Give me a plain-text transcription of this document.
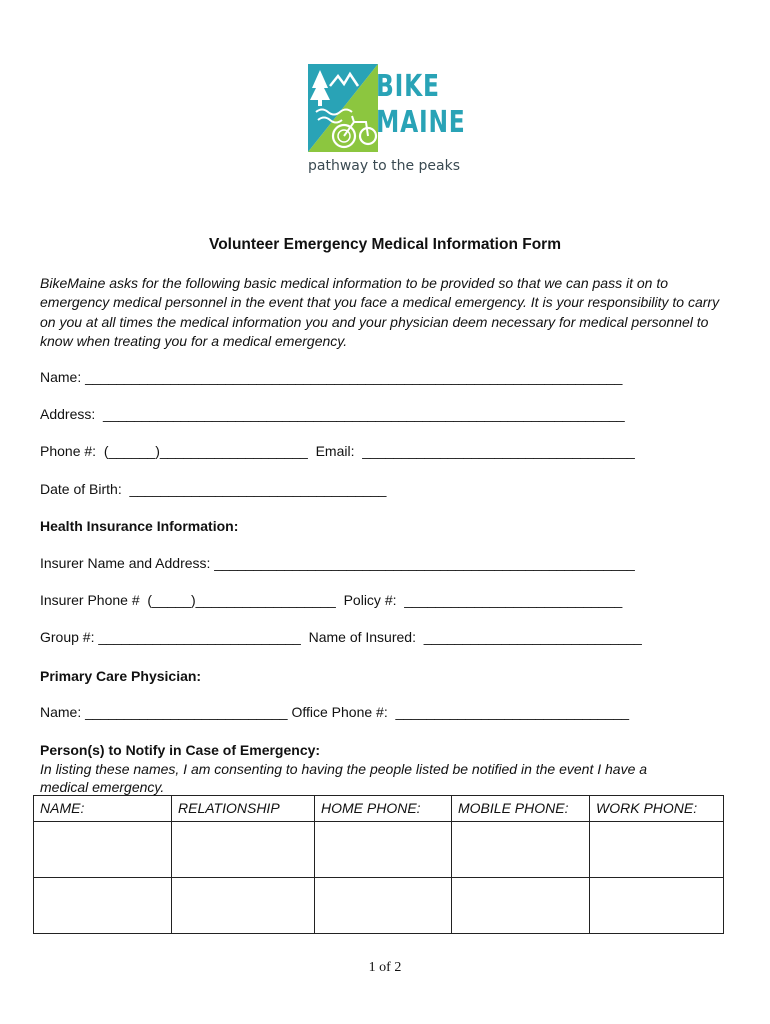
BIKE
MAINE
pathway to the peaks
Volunteer Emergency Medical Information Form
BikeMaine asks for the following basic medical information to be provided so that we can pass it on to emergency medical personnel in the event that you face a medical emergency. It is your responsibility to carry on you at all times the medical information you and your physician deem necessary for medical personnel to know when treating you for a medical emergency.
Name: _____________________________________________________________________
Address:  ___________________________________________________________________
Phone #:  (______)___________________  Email:  ___________________________________
Date of Birth:  _________________________________
Health Insurance Information:
Insurer Name and Address: ______________________________________________________
Insurer Phone #  (_____)__________________  Policy #:  ____________________________
Group #: __________________________  Name of Insured:  ____________________________
Primary Care Physician:
Name: __________________________ Office Phone #:  ______________________________
Person(s) to Notify in Case of Emergency:
In listing these names, I am consenting to having the people listed be notified in the event I have a medical emergency.
NAME:	RELATIONSHIP	HOME PHONE:	MOBILE PHONE:	WORK PHONE:

1 of 2
